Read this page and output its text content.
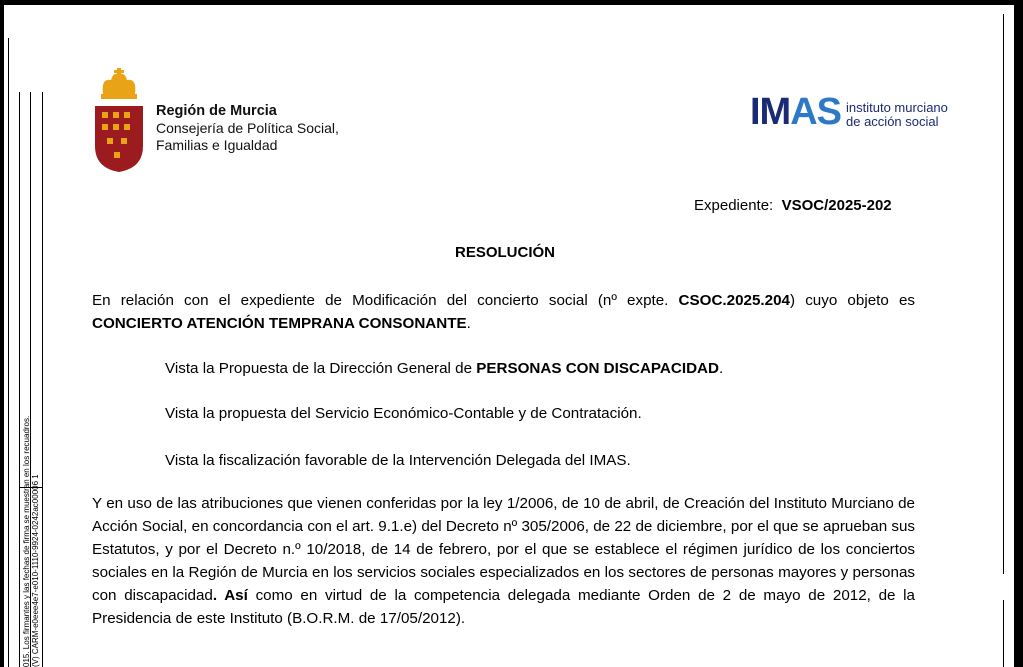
015. Los firmantes y las fechas de firma se muestran en los recuadros. (V) CARM-e0eee4e7-e010-1110-9924-0242ac00006 1
Región de Murcia
Consejería de Política Social,
Familias e Igualdad
IMAS instituto murciano
de acción social
Expediente: VSOC/2025-202
RESOLUCIÓN
En relación con el expediente de Modificación del concierto social (nº expte. CSOC.2025.204) cuyo objeto es CONCIERTO ATENCIÓN TEMPRANA CONSONANTE.
Vista la Propuesta de la Dirección General de PERSONAS CON DISCAPACIDAD.
Vista la propuesta del Servicio Económico-Contable y de Contratación.
Vista la fiscalización favorable de la Intervención Delegada del IMAS.
Y en uso de las atribuciones que vienen conferidas por la ley 1/2006, de 10 de abril, de Creación del Instituto Murciano de Acción Social, en concordancia con el art. 9.1.e) del Decreto nº 305/2006, de 22 de diciembre, por el que se aprueban sus Estatutos, y por el Decreto n.º 10/2018, de 14 de febrero, por el que se establece el régimen jurídico de los conciertos sociales en la Región de Murcia en los servicios sociales especializados en los sectores de personas mayores y personas con discapacidad. Así como en virtud de la competencia delegada mediante Orden de 2 de mayo de 2012, de la Presidencia de este Instituto (B.O.R.M. de 17/05/2012).
